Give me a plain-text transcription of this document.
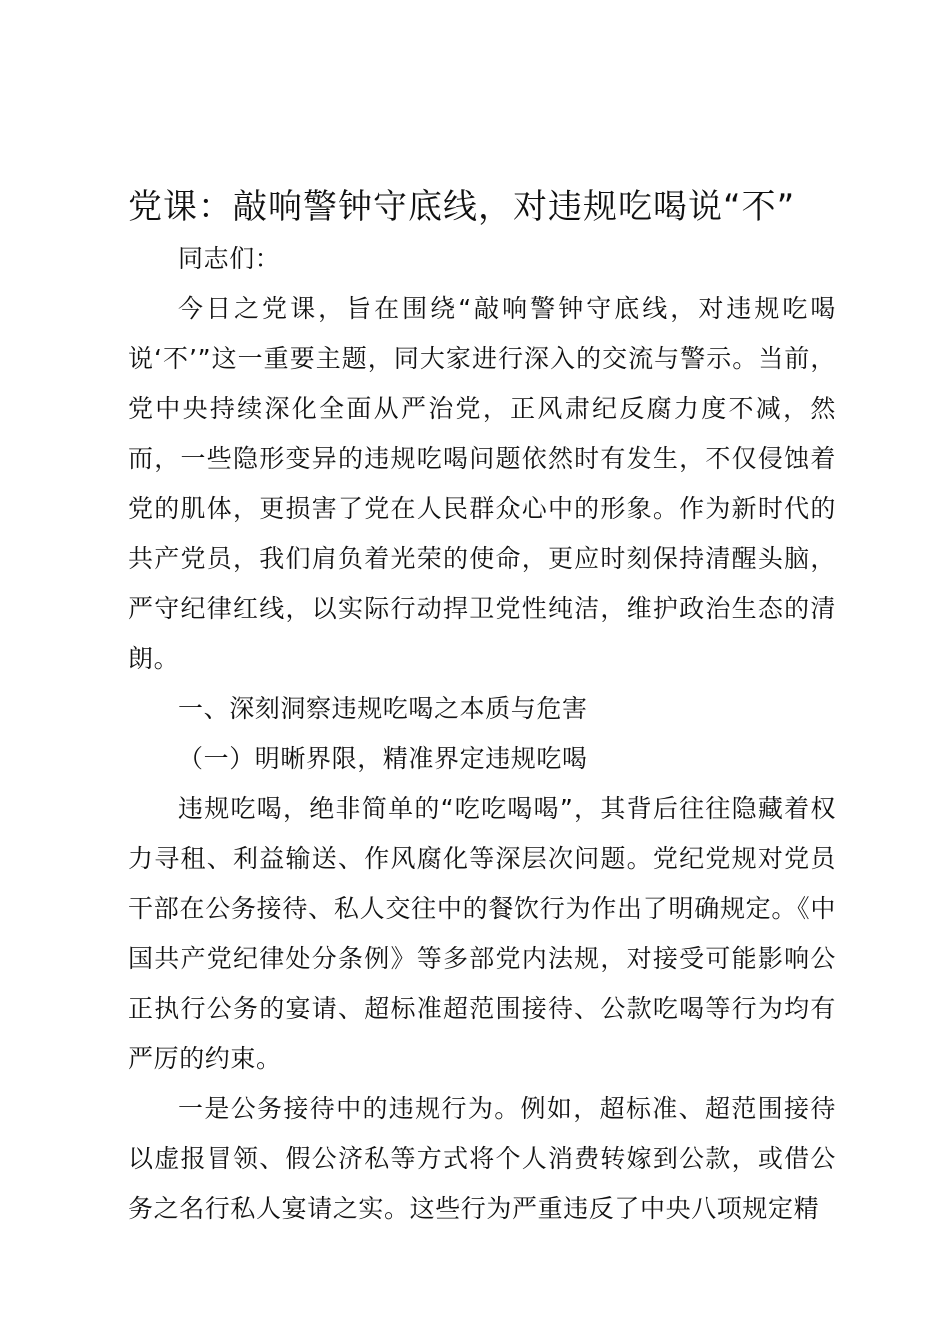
党课：敲响警钟守底线，对违规吃喝说“不”

同志们：

今日之党课，旨在围绕“敲响警钟守底线，对违规吃喝说‘不’”这一重要主题，同大家进行深入的交流与警示。当前，党中央持续深化全面从严治党，正风肃纪反腐力度不减，然而，一些隐形变异的违规吃喝问题依然时有发生，不仅侵蚀着党的肌体，更损害了党在人民群众心中的形象。作为新时代的共产党员，我们肩负着光荣的使命，更应时刻保持清醒头脑，严守纪律红线，以实际行动捍卫党性纯洁，维护政治生态的清朗。

一、深刻洞察违规吃喝之本质与危害

（一）明晰界限，精准界定违规吃喝

违规吃喝，绝非简单的“吃吃喝喝”，其背后往往隐藏着权力寻租、利益输送、作风腐化等深层次问题。党纪党规对党员干部在公务接待、私人交往中的餐饮行为作出了明确规定。《中国共产党纪律处分条例》等多部党内法规，对接受可能影响公正执行公务的宴请、超标准超范围接待、公款吃喝等行为均有严厉的约束。

一是公务接待中的违规行为。例如，超标准、超范围接待以虚报冒领、假公济私等方式将个人消费转嫁到公款，或借公务之名行私人宴请之实。这些行为严重违反了中央八项规定精
